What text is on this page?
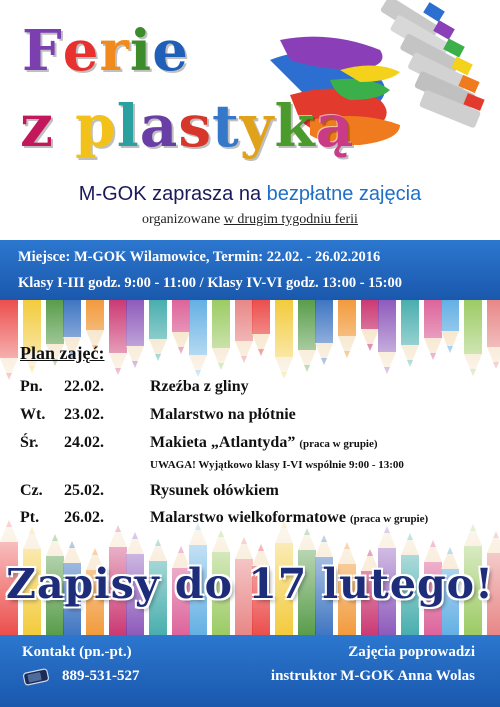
Ferie
z plastyką
M-GOK zaprasza na bezpłatne zajęcia
organizowane w drugim tygodniu ferii
Miejsce: M-GOK Wilamowice, Termin: 22.02. - 26.02.2016
Klasy I-III godz. 9:00 - 11:00 / Klasy IV-VI godz. 13:00 - 15:00
Plan zajęć:
Pn. 22.02.	Rzeźba z gliny
Wt. 23.02.	Malarstwo na płótnie
Śr. 24.02.	Makieta „Atlantyda” (praca w grupie)
UWAGA! Wyjątkowo klasy I-VI wspólnie 9:00 - 13:00
Cz. 25.02.	Rysunek ołówkiem
Pt. 26.02.	Malarstwo wielkoformatowe (praca w grupie)
Zapisy do 17 lutego!
Kontakt (pn.-pt.)
889-531-527
Zajęcia poprowadzi
instruktor M-GOK Anna Wolas
